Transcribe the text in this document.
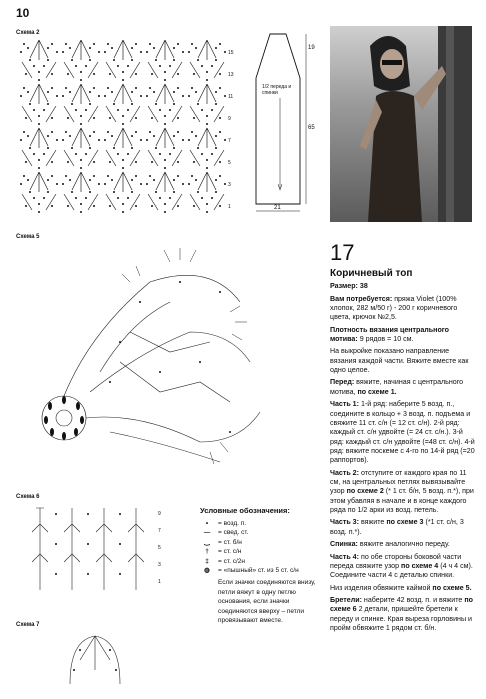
10
Схема 2
15
13
11
9
7
5
3
1
19
65
21
1/2 переда и спинки
Схема 5
Схема 6
9
7
5
3
1
Схема 7
Условные обозначения:
•	= возд. п.
—	= свед. ст.
‿	= ст. б/н
†	= ст. с/н
‡	= ст. с/2н
◍	= «пышный» ст. из 5 ст. с/н
Если значки соединяются внизу, петли вяжут в одну петлю основания, если значки соединяются вверху – петли провязывают вместе.
17
Коричневый топ

Размер: 38

Вам потребуется: пряжа Violet (100% хлопок, 282 м/50 г) - 200 г коричневого цвета, крючок №2,5.

Плотность вязания центрального мотива: 9 рядов = 10 см.

На выкройке показано направление вязания каждой части. Вяжите вместе как одно целое.

Перед: вяжите, начиная с центрального мотива, по схеме 1.

Часть 1: 1-й ряд: наберите 5 возд. п., соедините в кольцо + 3 возд. п. подъема и свяжите 11 ст. с/н (= 12 ст. с/н). 2-й ряд: каждый ст. с/н удвойте (= 24 ст. с/н.). 3-й ряд: каждый ст. с/н удвойте (=48 ст. с/н). 4-й ряд: вяжите поскеме с 4-го по 14-й ряд (=20 раппортов).

Часть 2: отступите от каждого края по 11 см, на центральных петлях вывязывайте узор по схеме 2 (* 1 ст. б/н, 5 возд. п.*), при этом убавляя в начале и в конце каждого ряда по 1/2 арки из возд. петель.

Часть 3: вяжите по схеме 3 (*1 ст. с/н, 3 возд. п.*).

Спинка: вяжите аналогично переду.

Часть 4: по обе стороны боковой части переда свяжите узор по схеме 4 (4 ч 4 см). Соедините части 4 с деталью спинки.

Низ изделия обвяжите каймой по схеме 5.

Бретели: наберите 42 возд. п. и вяжите по схеме 6 2 детали, пришейте бретели к переду и спинке. Края выреза горловины и пройм обвяжите 1 рядом ст. б/н.
